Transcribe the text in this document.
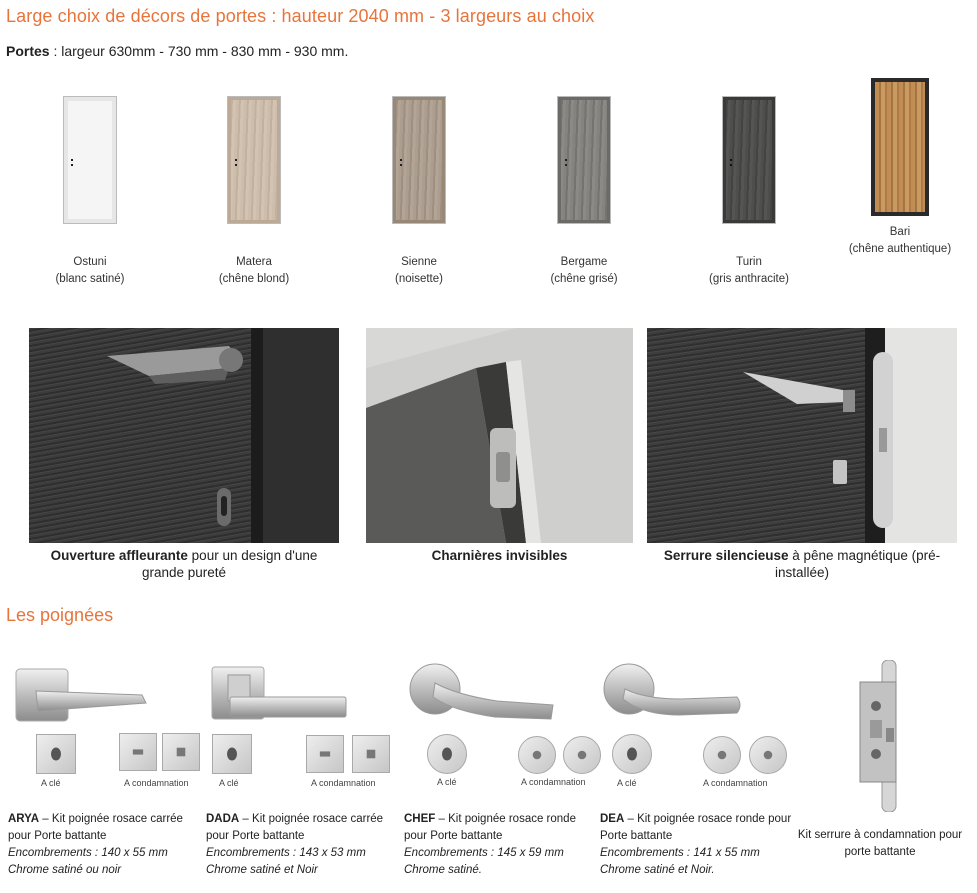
Large choix de décors de portes : hauteur 2040 mm - 3 largeurs au choix
Portes : largeur 630mm - 730 mm - 830 mm - 930 mm.
Ostuni
(blanc satiné)
Matera
(chêne blond)
Sienne
(noisette)
Bergame
(chêne grisé)
Turin
(gris anthracite)
Bari
(chêne authentique)
Ouverture affleurante pour un design d'une grande pureté
Charnières invisibles	Serrure silencieuse à pêne magnétique (pré-installée)
Les poignées
A clé	A condamnation	A clé	A condamnation	A clé	A condamnation	A clé	A condamnation
ARYA – Kit poignée rosace carrée pour Porte battante
Encombrements : 140 x 55 mm
Chrome satiné ou noir
DADA – Kit poignée rosace carrée pour Porte battante
Encombrements : 143 x 53 mm
Chrome satiné et Noir
CHEF – Kit poignée rosace ronde pour Porte battante
Encombrements : 145 x 59 mm
Chrome satiné.
DEA – Kit poignée rosace ronde pour Porte battante
Encombrements : 141 x 55 mm
Chrome satiné et Noir.
Kit serrure à condamnation pour porte battante
